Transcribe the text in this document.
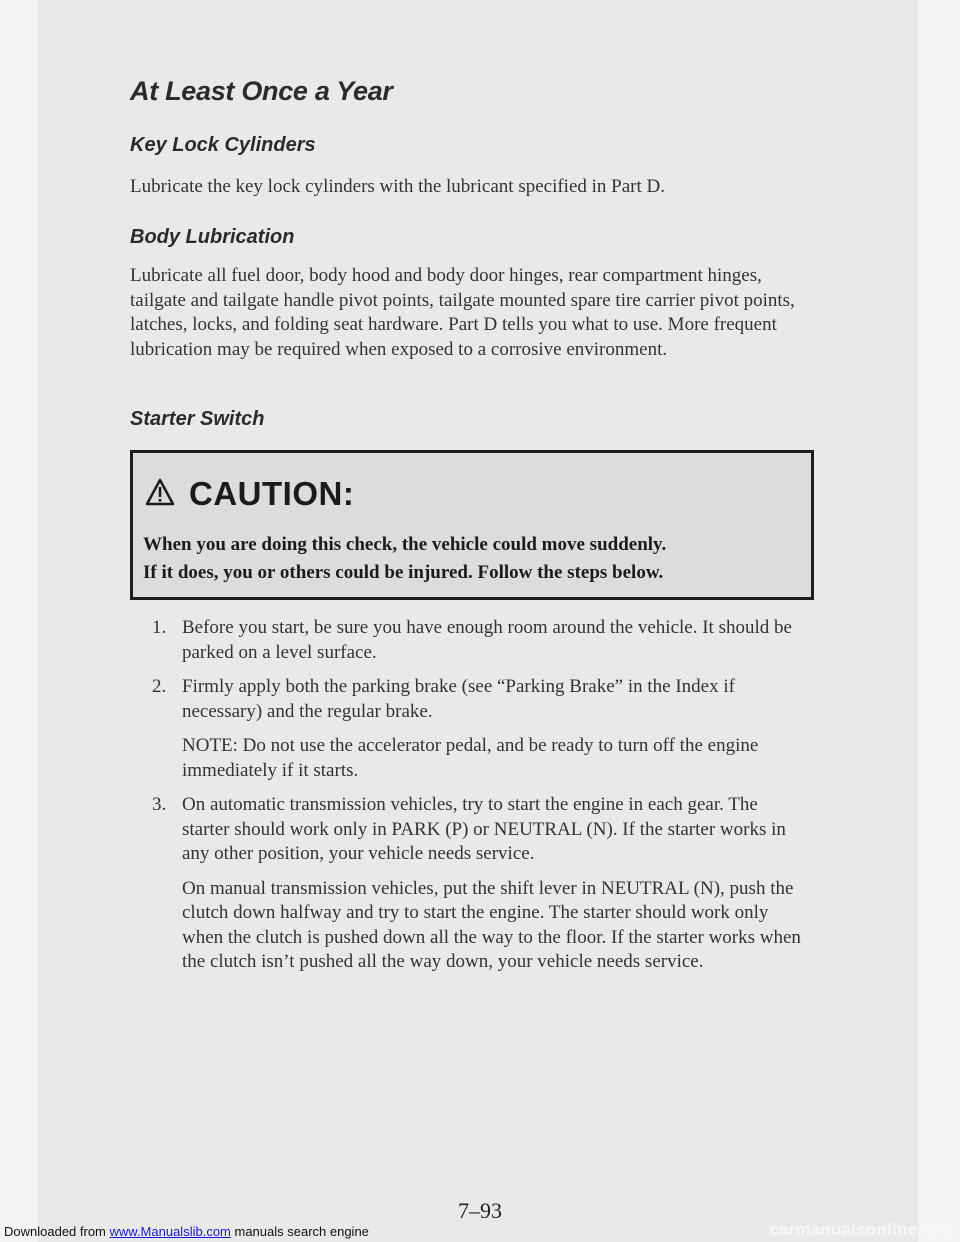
At Least Once a Year
Key Lock Cylinders

Lubricate the key lock cylinders with the lubricant specified in Part D.

Body Lubrication

Lubricate all fuel door, body hood and body door hinges, rear compartment hinges, tailgate and tailgate handle pivot points, tailgate mounted spare tire carrier pivot points, latches, locks, and folding seat hardware. Part D tells you what to use. More frequent lubrication may be required when exposed to a corrosive environment.

Starter Switch
CAUTION:

When you are doing this check, the vehicle could move suddenly.
If it does, you or others could be injured. Follow the steps below.

1. Before you start, be sure you have enough room around the vehicle. It should be parked on a level surface.

2. Firmly apply both the parking brake (see “Parking Brake” in the Index if necessary) and the regular brake.

NOTE: Do not use the accelerator pedal, and be ready to turn off the engine immediately if it starts.

3. On automatic transmission vehicles, try to start the engine in each gear. The starter should work only in PARK (P) or NEUTRAL (N). If the starter works in any other position, your vehicle needs service.

On manual transmission vehicles, put the shift lever in NEUTRAL (N), push the clutch down halfway and try to start the engine. The starter should work only when the clutch is pushed down all the way to the floor. If the starter works when the clutch isn’t pushed all the way down, your vehicle needs service.

7–93
Downloaded from www.Manualslib.com manuals search engine	carmanualsonline.info
